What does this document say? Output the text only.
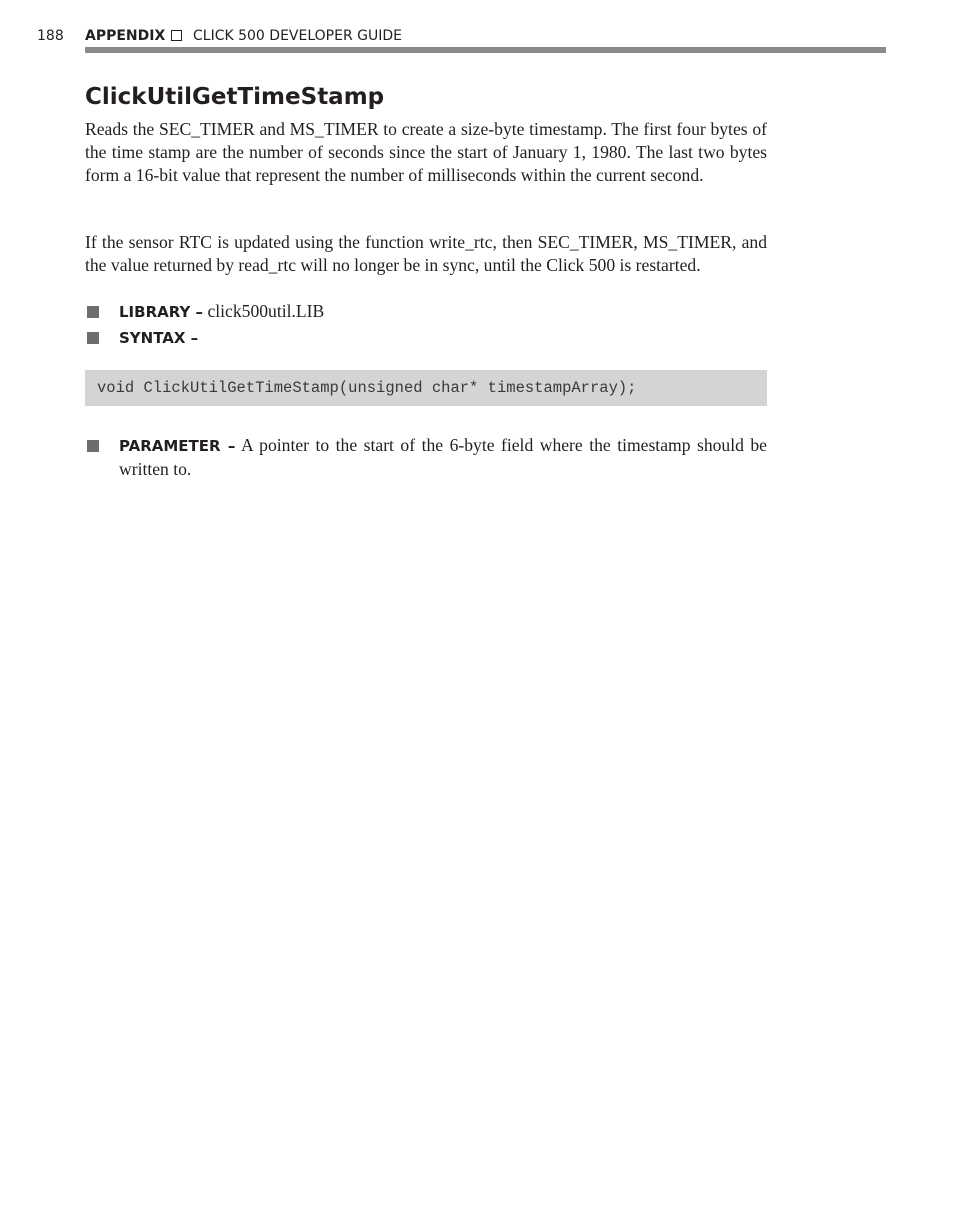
188 APPENDIX CLICK 500 DEVELOPER GUIDE
ClickUtilGetTimeStamp

Reads the SEC_TIMER and MS_TIMER to create a size-byte timestamp. The first four bytes of the time stamp are the number of seconds since the start of January 1, 1980. The last two bytes form a 16-bit value that represent the number of milliseconds within the current second.

If the sensor RTC is updated using the function write_rtc, then SEC_TIMER, MS_TIMER, and the value returned by read_rtc will no longer be in sync, until the Click 500 is restarted.

LIBRARY – click500util.LIB
SYNTAX –
void ClickUtilGetTimeStamp(unsigned char* timestampArray);
PARAMETER – A pointer to the start of the 6-byte field where the timestamp should be written to.
